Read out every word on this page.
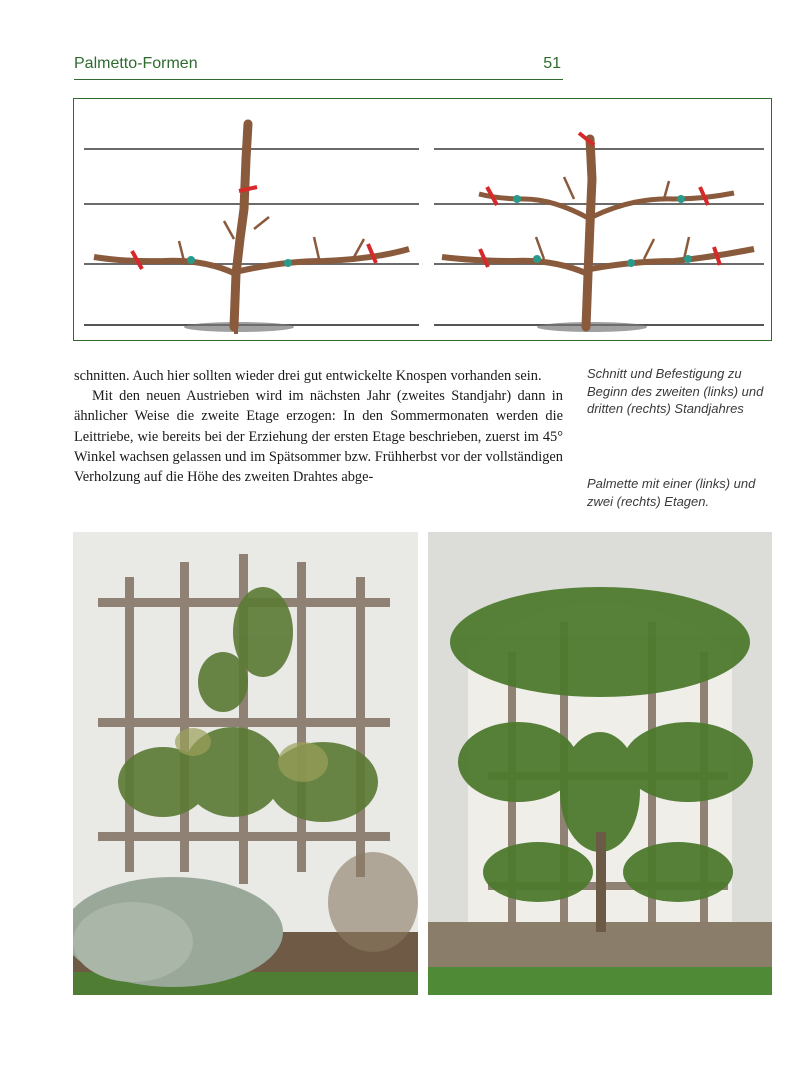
Palmetto-Formen	51

schnitten. Auch hier sollten wieder drei gut entwickelte Knospen vorhanden sein.

Mit den neuen Austrieben wird im nächsten Jahr (zweites Standjahr) dann in ähnlicher Weise die zweite Etage erzogen: In den Sommermonaten werden die Leittriebe, wie bereits bei der Erziehung der ersten Etage beschrieben, zuerst im 45° Winkel wachsen gelassen und im Spätsommer bzw. Frühherbst vor der vollständigen Verholzung auf die Höhe des zweiten Drahtes abge-

Schnitt und Befestigung zu Beginn des zweiten (links) und dritten (rechts) Standjahres
Palmette mit einer (links) und zwei (rechts) Etagen.
